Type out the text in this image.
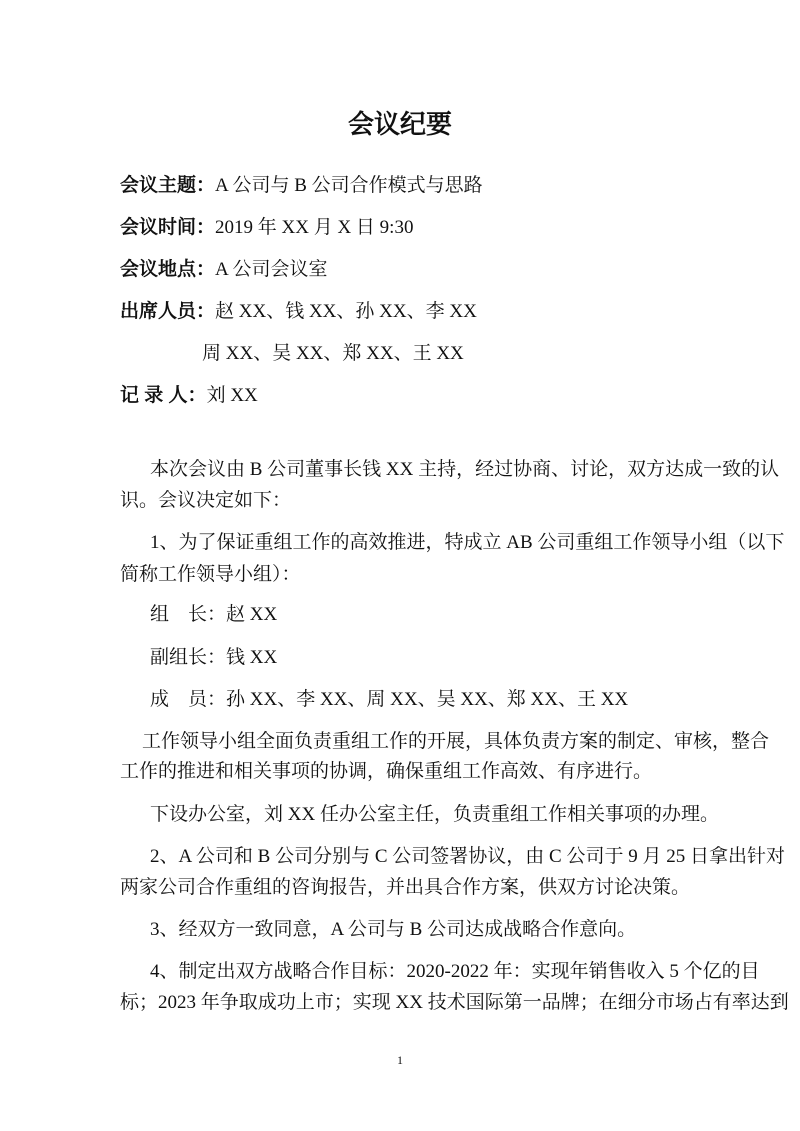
会议纪要
会议主题：A 公司与 B 公司合作模式与思路
会议时间：2019 年 XX 月 X 日 9:30
会议地点：A 公司会议室
出席人员：赵 XX、钱 XX、孙 XX、李 XX
周 XX、吴 XX、郑 XX、王 XX
记 录 人：刘 XX
本次会议由 B 公司董事长钱 XX 主持，经过协商、讨论，双方达成一致的认
识。会议决定如下：
1、为了保证重组工作的高效推进，特成立 AB 公司重组工作领导小组（以下
简称工作领导小组）：
组　长：赵 XX
副组长：钱 XX
成　员：孙 XX、李 XX、周 XX、吴 XX、郑 XX、王 XX
工作领导小组全面负责重组工作的开展，具体负责方案的制定、审核，整合
工作的推进和相关事项的协调，确保重组工作高效、有序进行。
下设办公室，刘 XX 任办公室主任，负责重组工作相关事项的办理。
2、A 公司和 B 公司分别与 C 公司签署协议，由 C 公司于 9 月 25 日拿出针对
两家公司合作重组的咨询报告，并出具合作方案，供双方讨论决策。
3、经双方一致同意，A 公司与 B 公司达成战略合作意向。
4、制定出双方战略合作目标：2020-2022 年：实现年销售收入 5 个亿的目
标；2023 年争取成功上市；实现 XX 技术国际第一品牌；在细分市场占有率达到
1
